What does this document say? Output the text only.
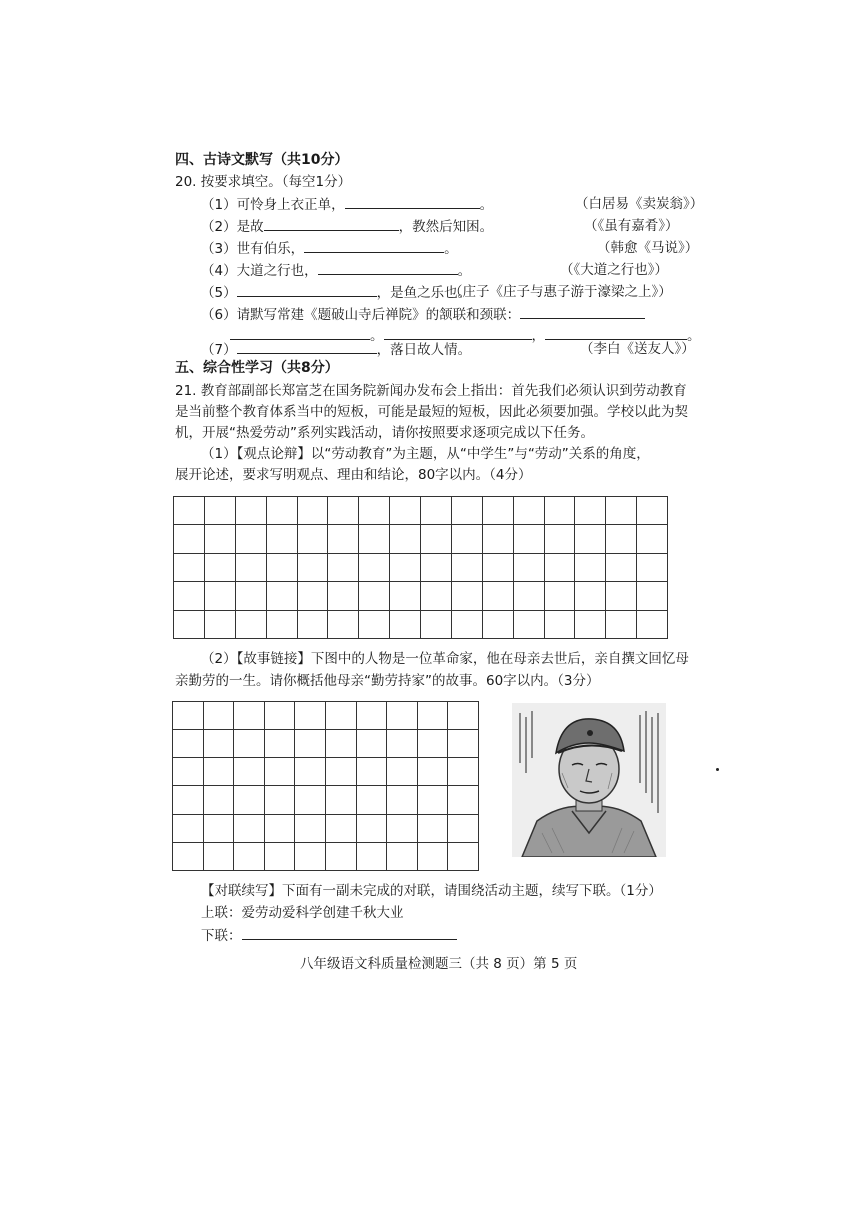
四、古诗文默写（共10分）
20. 按要求填空。（每空1分）
（1）可怜身上衣正单，	。	（白居易《卖炭翁》）
（2）是故	，教然后知困。	（《虽有嘉肴》）
（3）世有伯乐，	。	（韩愈《马说》）
（4）大道之行也，	。	（《大道之行也》）
（5）	，是鱼之乐也。
（庄子《庄子与惠子游于濠梁之上》）
（6）请默写常建《题破山寺后禅院》的颔联和颈联：
。	，	。
（7）	，落日故人情。	（李白《送友人》）
五、综合性学习（共8分）
21. 教育部副部长郑富芝在国务院新闻办发布会上指出：首先我们必须认识到劳动教育
是当前整个教育体系当中的短板，可能是最短的短板，因此必须要加强。学校以此为契
机，开展“热爱劳动”系列实践活动，请你按照要求逐项完成以下任务。
（1）【观点论辩】以“劳动教育”为主题，从“中学生”与“劳动”关系的角度，
展开论述，要求写明观点、理由和结论，80字以内。（4分）

（2）【故事链接】下图中的人物是一位革命家，他在母亲去世后，亲自撰文回忆母
亲勤劳的一生。请你概括他母亲“勤劳持家”的故事。60字以内。（3分）

【对联续写】下面有一副未完成的对联，请围绕活动主题，续写下联。（1分）
上联：爱劳动爱科学创建千秋大业
下联：
八年级语文科质量检测题三（共 8 页）第 5 页
